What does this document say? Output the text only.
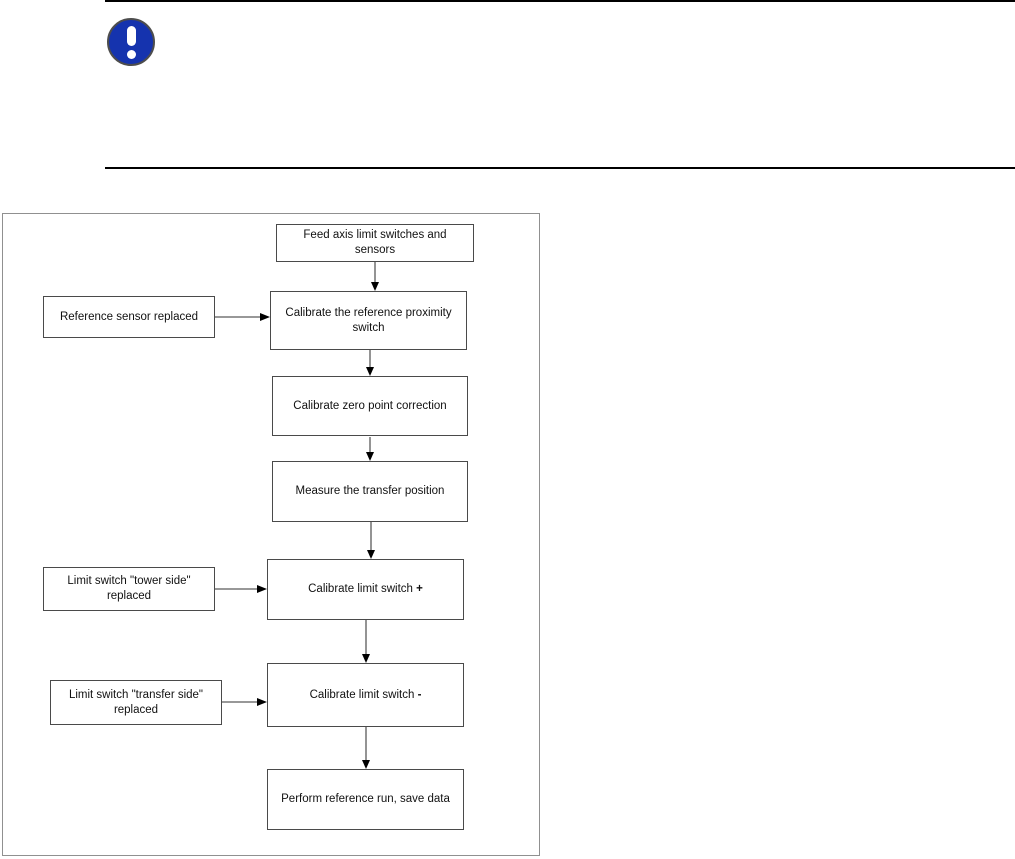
Feed axis limit switches and sensors
Calibrate the reference proximity switch
Calibrate zero point correction
Measure the transfer position
Calibrate limit switch +
Calibrate limit switch -
Perform reference run, save data
Reference sensor replaced
Limit switch "tower side" replaced
Limit switch "transfer side" replaced
